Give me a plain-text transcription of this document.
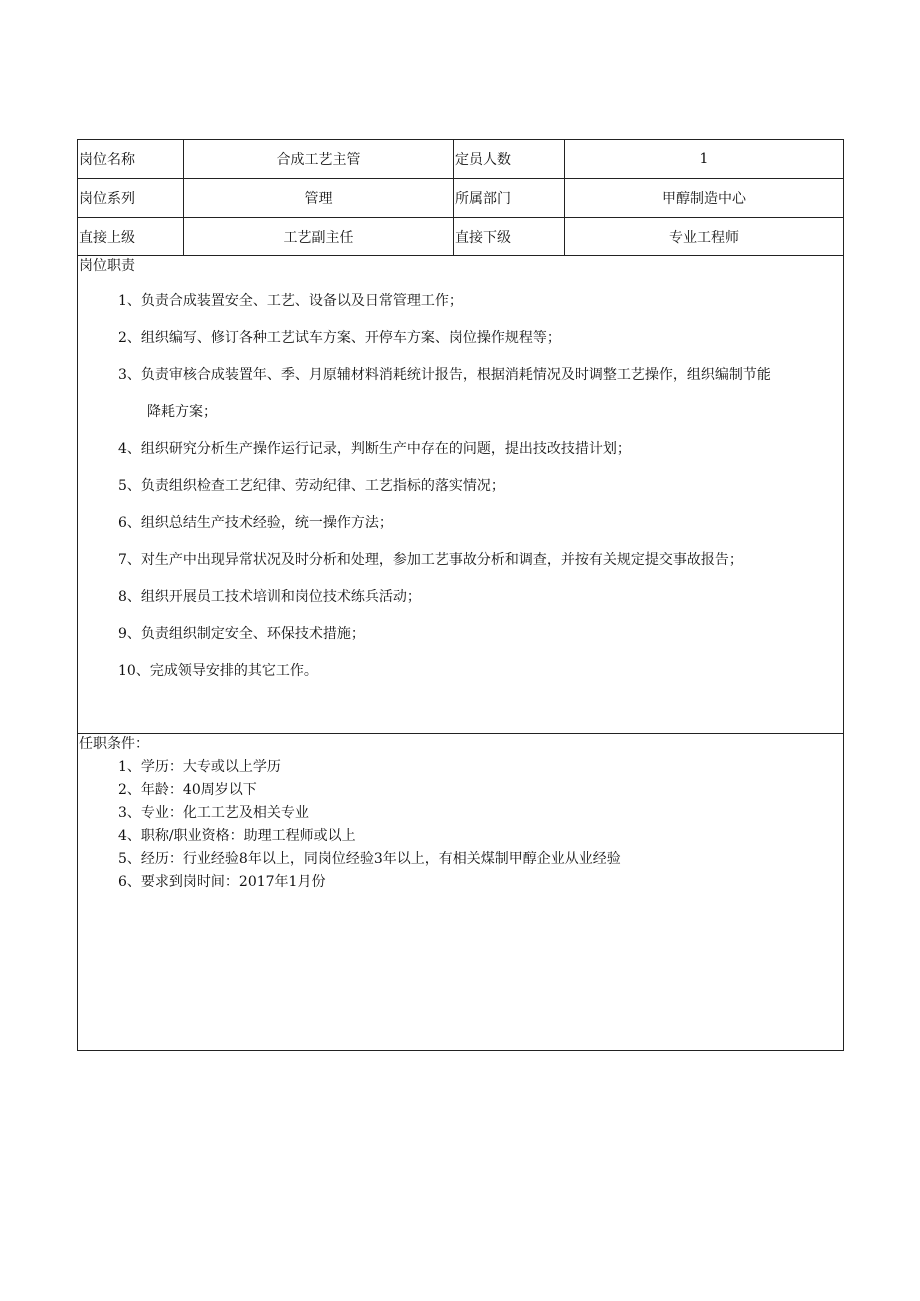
岗位名称	合成工艺主管	定员人数	1
岗位系列	管理	所属部门	甲醇制造中心
直接上级	工艺副主任	直接下级	专业工程师
岗位职责
1、负责合成装置安全、工艺、设备以及日常管理工作；
2、组织编写、修订各种工艺试车方案、开停车方案、岗位操作规程等；
3、负责审核合成装置年、季、月原辅材料消耗统计报告，根据消耗情况及时调整工艺操作，组织编制节能
降耗方案；
4、组织研究分析生产操作运行记录，判断生产中存在的问题，提出技改技措计划；
5、负责组织检查工艺纪律、劳动纪律、工艺指标的落实情况；
6、组织总结生产技术经验，统一操作方法；
7、对生产中出现异常状况及时分析和处理，参加工艺事故分析和调查，并按有关规定提交事故报告；
8、组织开展员工技术培训和岗位技术练兵活动；
9、负责组织制定安全、环保技术措施；
10、完成领导安排的其它工作。
任职条件：
1、学历：大专或以上学历
2、年龄：40周岁以下
3、专业：化工工艺及相关专业
4、职称/职业资格：助理工程师或以上
5、经历：行业经验8年以上，同岗位经验3年以上，有相关煤制甲醇企业从业经验
6、要求到岗时间：2017年1月份
